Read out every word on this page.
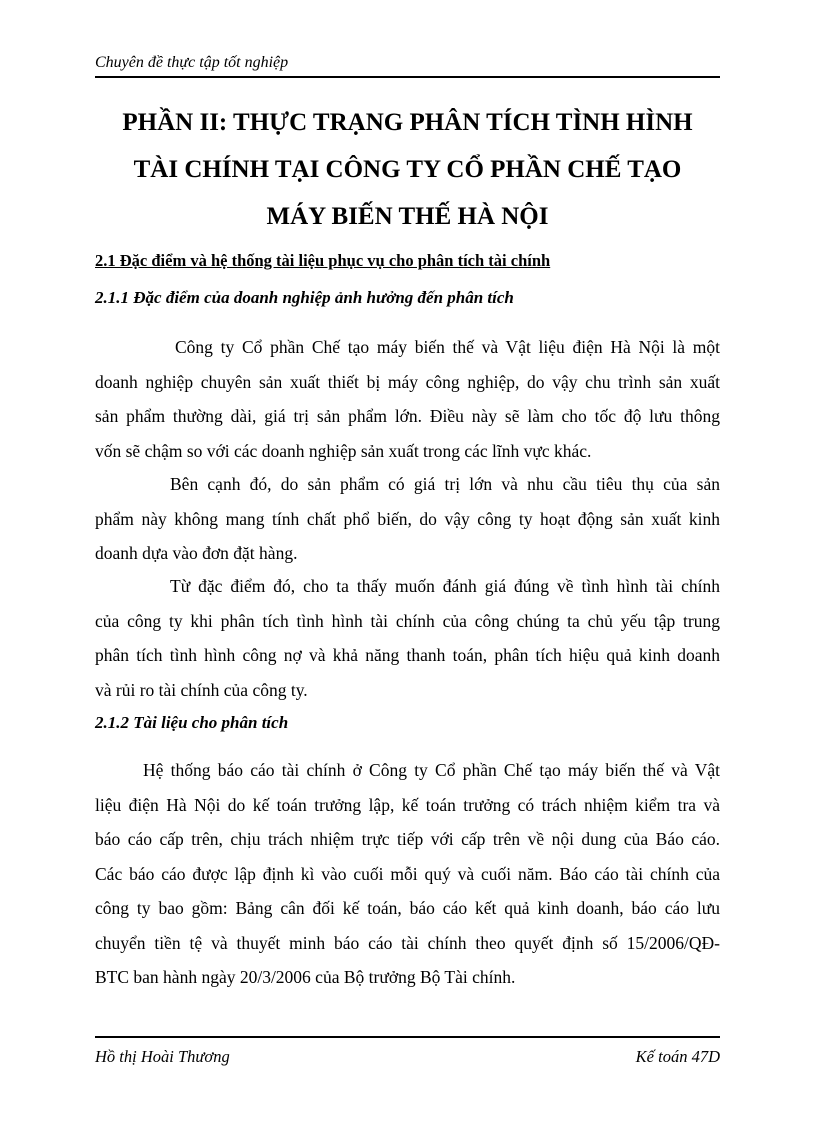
Chuyên đề thực tập tốt nghiệp
PHẦN II: THỰC TRẠNG PHÂN TÍCH TÌNH HÌNH
TÀI CHÍNH TẠI CÔNG TY CỔ PHẦN CHẾ TẠO
MÁY BIẾN THẾ HÀ NỘI
2.1 Đặc điểm và hệ thống tài liệu phục vụ cho phân tích tài chính
2.1.1 Đặc điểm của doanh nghiệp ảnh hưởng đến phân tích
Công ty Cổ phần Chế tạo máy biến thế và Vật liệu điện Hà Nội là một
doanh nghiệp chuyên sản xuất thiết bị máy công nghiệp, do vậy chu trình sản xuất
sản phẩm thường dài, giá trị sản phẩm lớn. Điều này sẽ làm cho tốc độ lưu thông
vốn sẽ chậm so với các doanh nghiệp sản xuất trong các lĩnh vực khác.
Bên cạnh đó, do sản phẩm có giá trị lớn và nhu cầu tiêu thụ của sản
phẩm này không mang tính chất phổ biến, do vậy công ty hoạt động sản xuất kinh
doanh dựa vào đơn đặt hàng.
Từ đặc điểm đó, cho ta thấy muốn đánh giá đúng về tình hình tài chính
của công ty khi phân tích tình hình tài chính của công chúng ta chủ yếu tập trung
phân tích tình hình công nợ và khả năng thanh toán, phân tích hiệu quả kinh doanh
và rủi ro tài chính của công ty.
2.1.2 Tài liệu cho phân tích
Hệ thống báo cáo tài chính ở Công ty Cổ phần Chế tạo máy biến thế và Vật
liệu điện Hà Nội do kế toán trưởng lập, kế toán trưởng có trách nhiệm kiểm tra và
báo cáo cấp trên, chịu trách nhiệm trực tiếp với cấp trên về nội dung của Báo cáo.
Các báo cáo được lập định kì vào cuối mỗi quý và cuối năm. Báo cáo tài chính của
công ty bao gồm: Bảng cân đối kế toán, báo cáo kết quả kinh doanh, báo cáo lưu
chuyển tiền tệ và thuyết minh báo cáo tài chính theo quyết định số 15/2006/QĐ-
BTC ban hành ngày 20/3/2006 của Bộ trưởng Bộ Tài chính.
Hồ thị Hoài Thương	Kế toán 47D
